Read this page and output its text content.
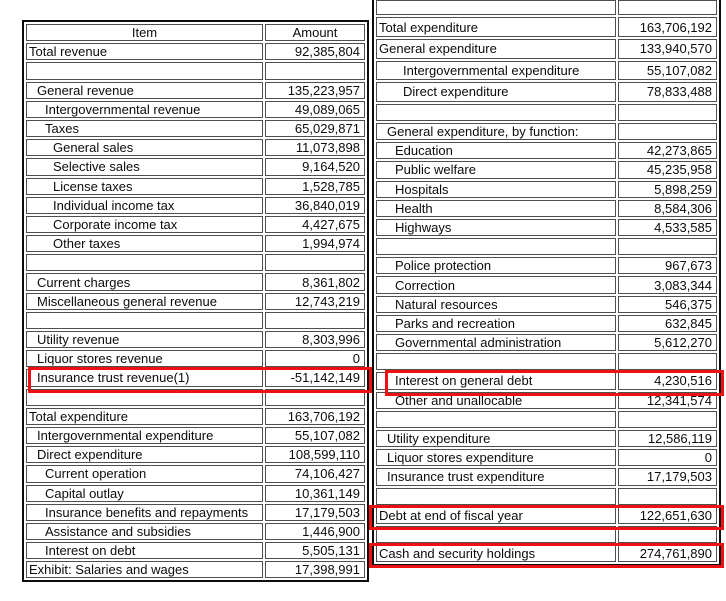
Item	Amount
Total revenue	92,385,804

General revenue	135,223,957
Intergovernmental revenue	49,089,065
Taxes	65,029,871
General sales	11,073,898
Selective sales	9,164,520
License taxes	1,528,785
Individual income tax	36,840,019
Corporate income tax	4,427,675
Other taxes	1,994,974

Current charges	8,361,802
Miscellaneous general revenue	12,743,219

Utility revenue	8,303,996
Liquor stores revenue	0
Insurance trust revenue(1)	-51,142,149

Total expenditure	163,706,192
Intergovernmental expenditure	55,107,082
Direct expenditure	108,599,110
Current operation	74,106,427
Capital outlay	10,361,149
Insurance benefits and repayments	17,179,503
Assistance and subsidies	1,446,900
Interest on debt	5,505,131
Exhibit: Salaries and wages	17,398,991

Total expenditure	163,706,192
General expenditure	133,940,570
Intergovernmental expenditure	55,107,082
Direct expenditure	78,833,488

General expenditure, by function:	
Education	42,273,865
Public welfare	45,235,958
Hospitals	5,898,259
Health	8,584,306
Highways	4,533,585

Police protection	967,673
Correction	3,083,344
Natural resources	546,375
Parks and recreation	632,845
Governmental administration	5,612,270

Interest on general debt	4,230,516
Other and unallocable	12,341,574

Utility expenditure	12,586,119
Liquor stores expenditure	0
Insurance trust expenditure	17,179,503

Debt at end of fiscal year	122,651,630

Cash and security holdings	274,761,890
